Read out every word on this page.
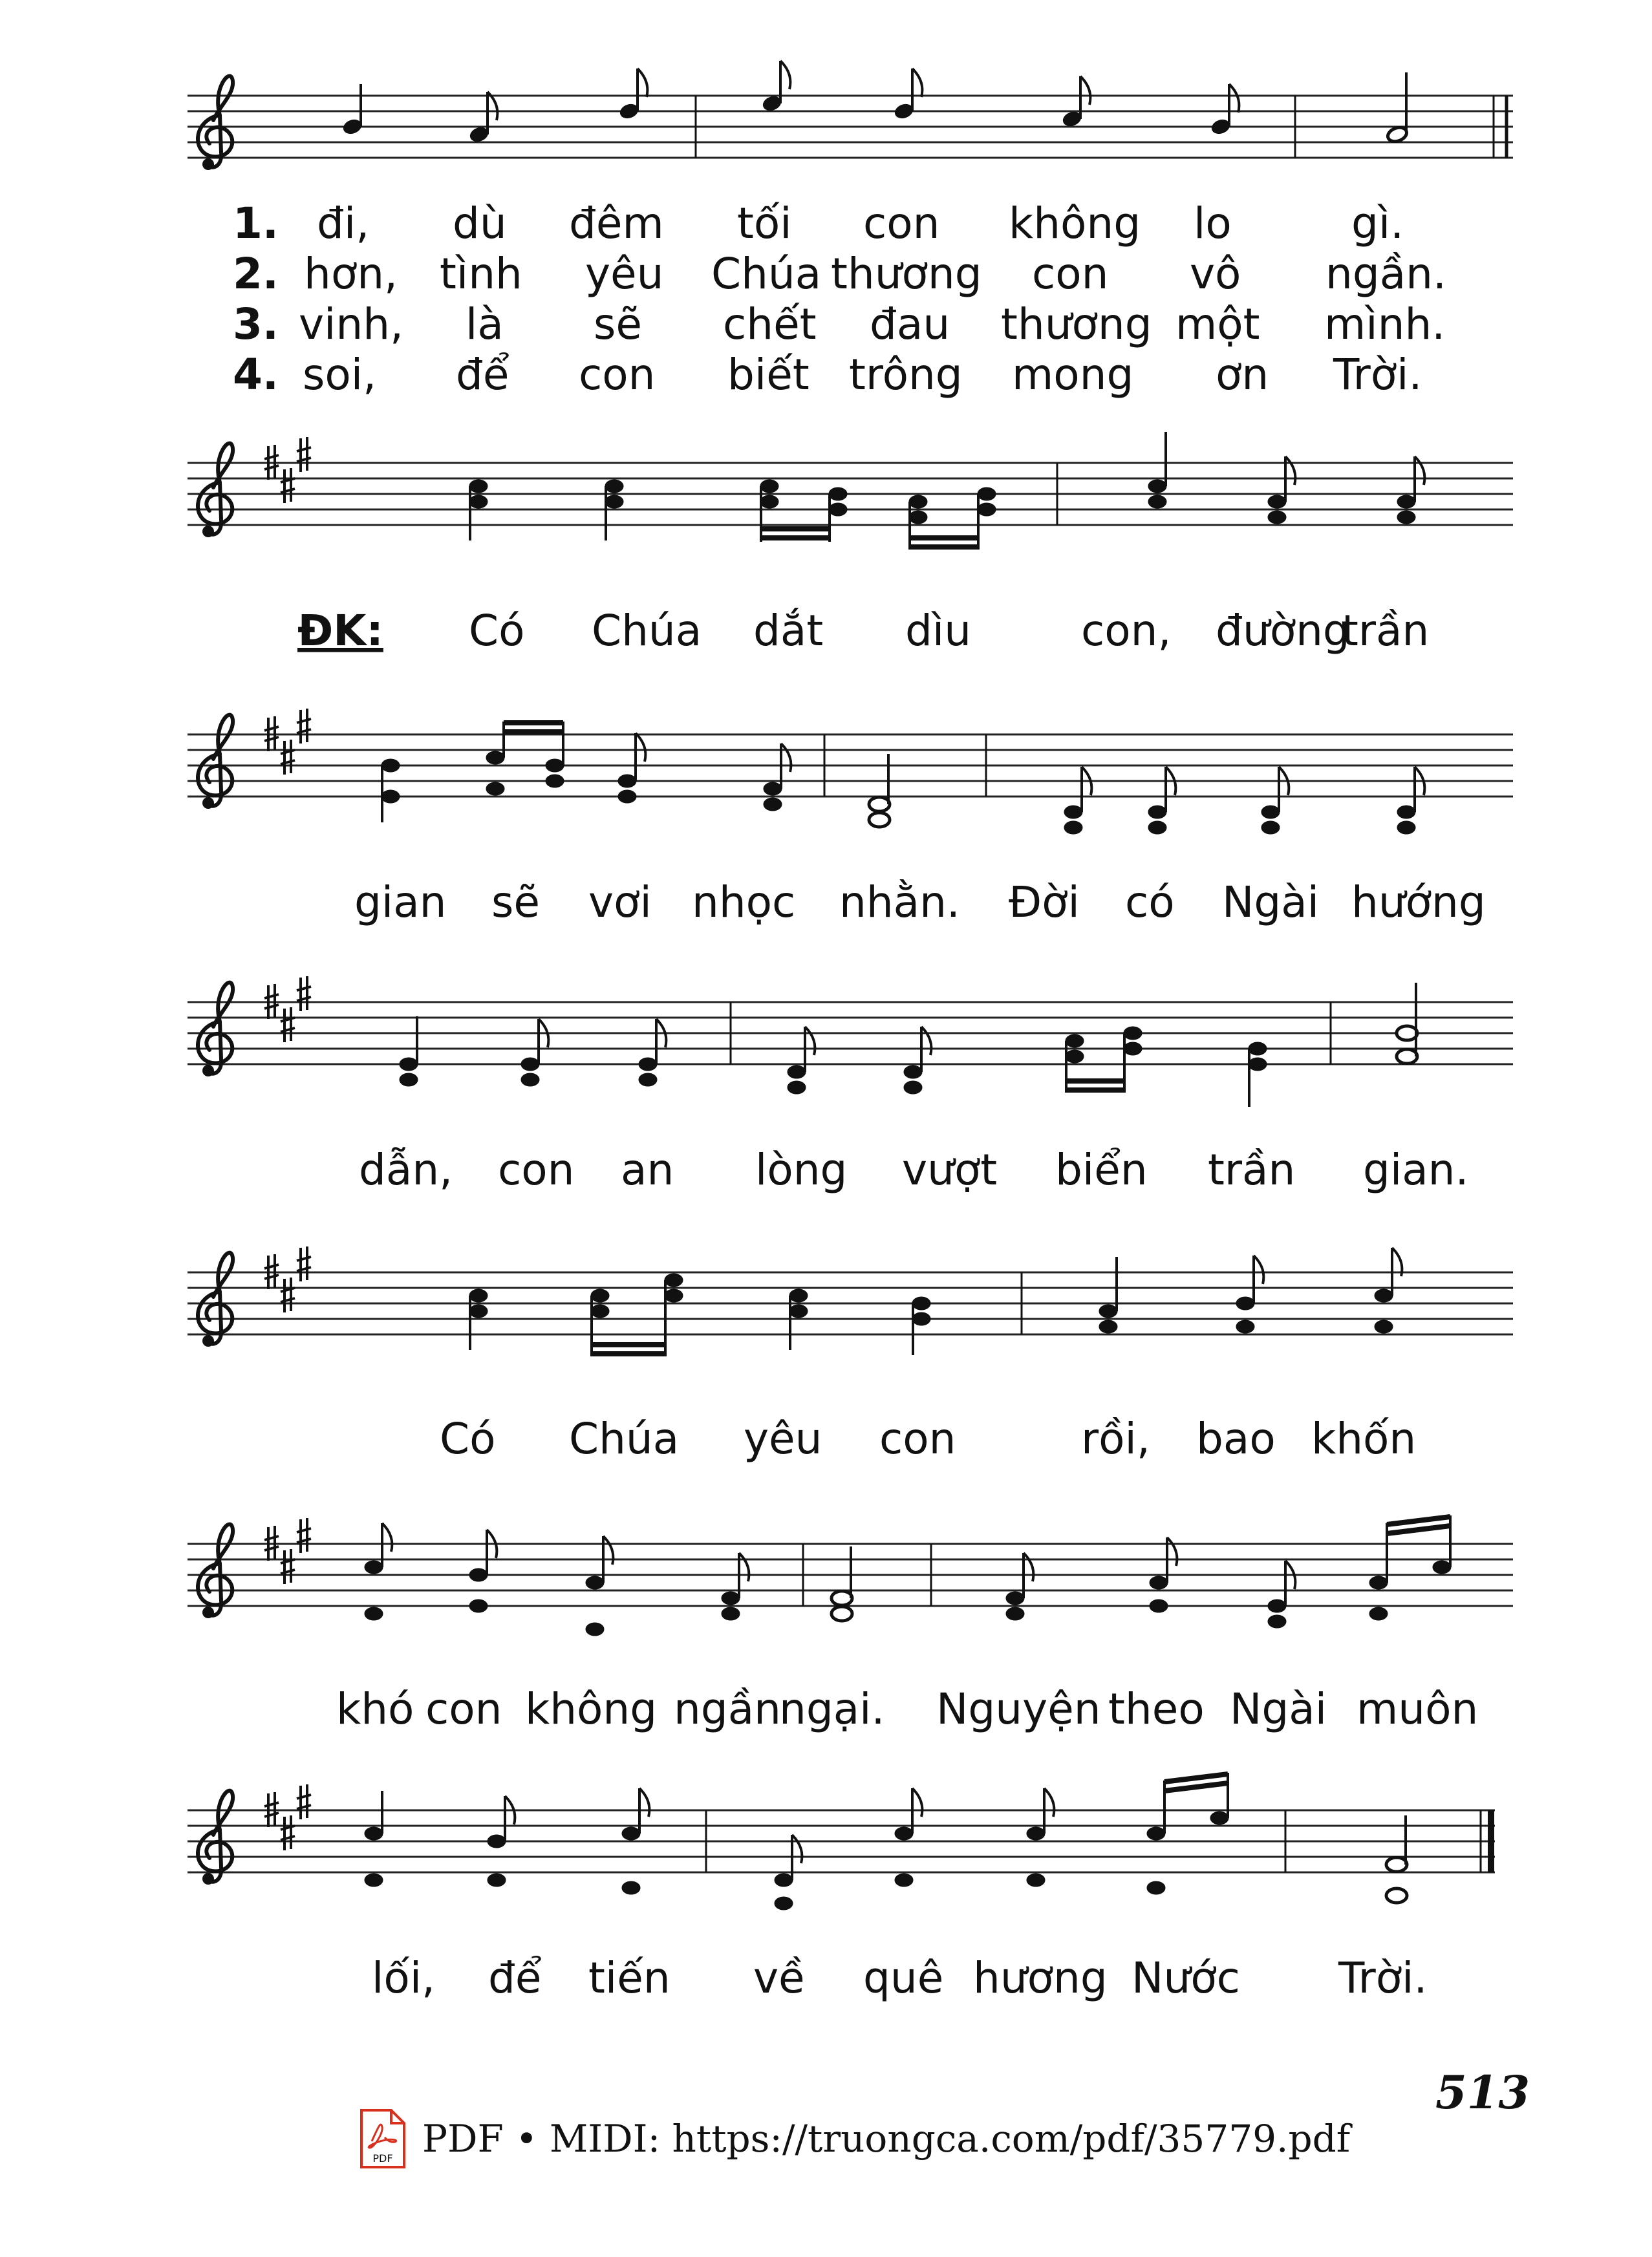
1. đi, dù đêm tối con không lo	gì.
2. hơn, tình yêu Chúa thương con vô ngần.
3. vinh, là sẽ chết đau thương một mình.
4. soi, để con biết trông mong ơn Trời.
ĐK: Có Chúa dắt dìu	con, đường
trần
gian sẽ vơi nhọc nhằn. Đời có Ngài hướng
dẫn, con an lòng vượt biển trần gian.
Có Chúa yêu con	rồi, bao khốn
khó con không ngần
ngại. Nguyện theo Ngài muôn
lối, để tiến về quê hương Nước Trời.
513
PDF PDF • MIDI: https://truongca.com/pdf/35779.pdf
